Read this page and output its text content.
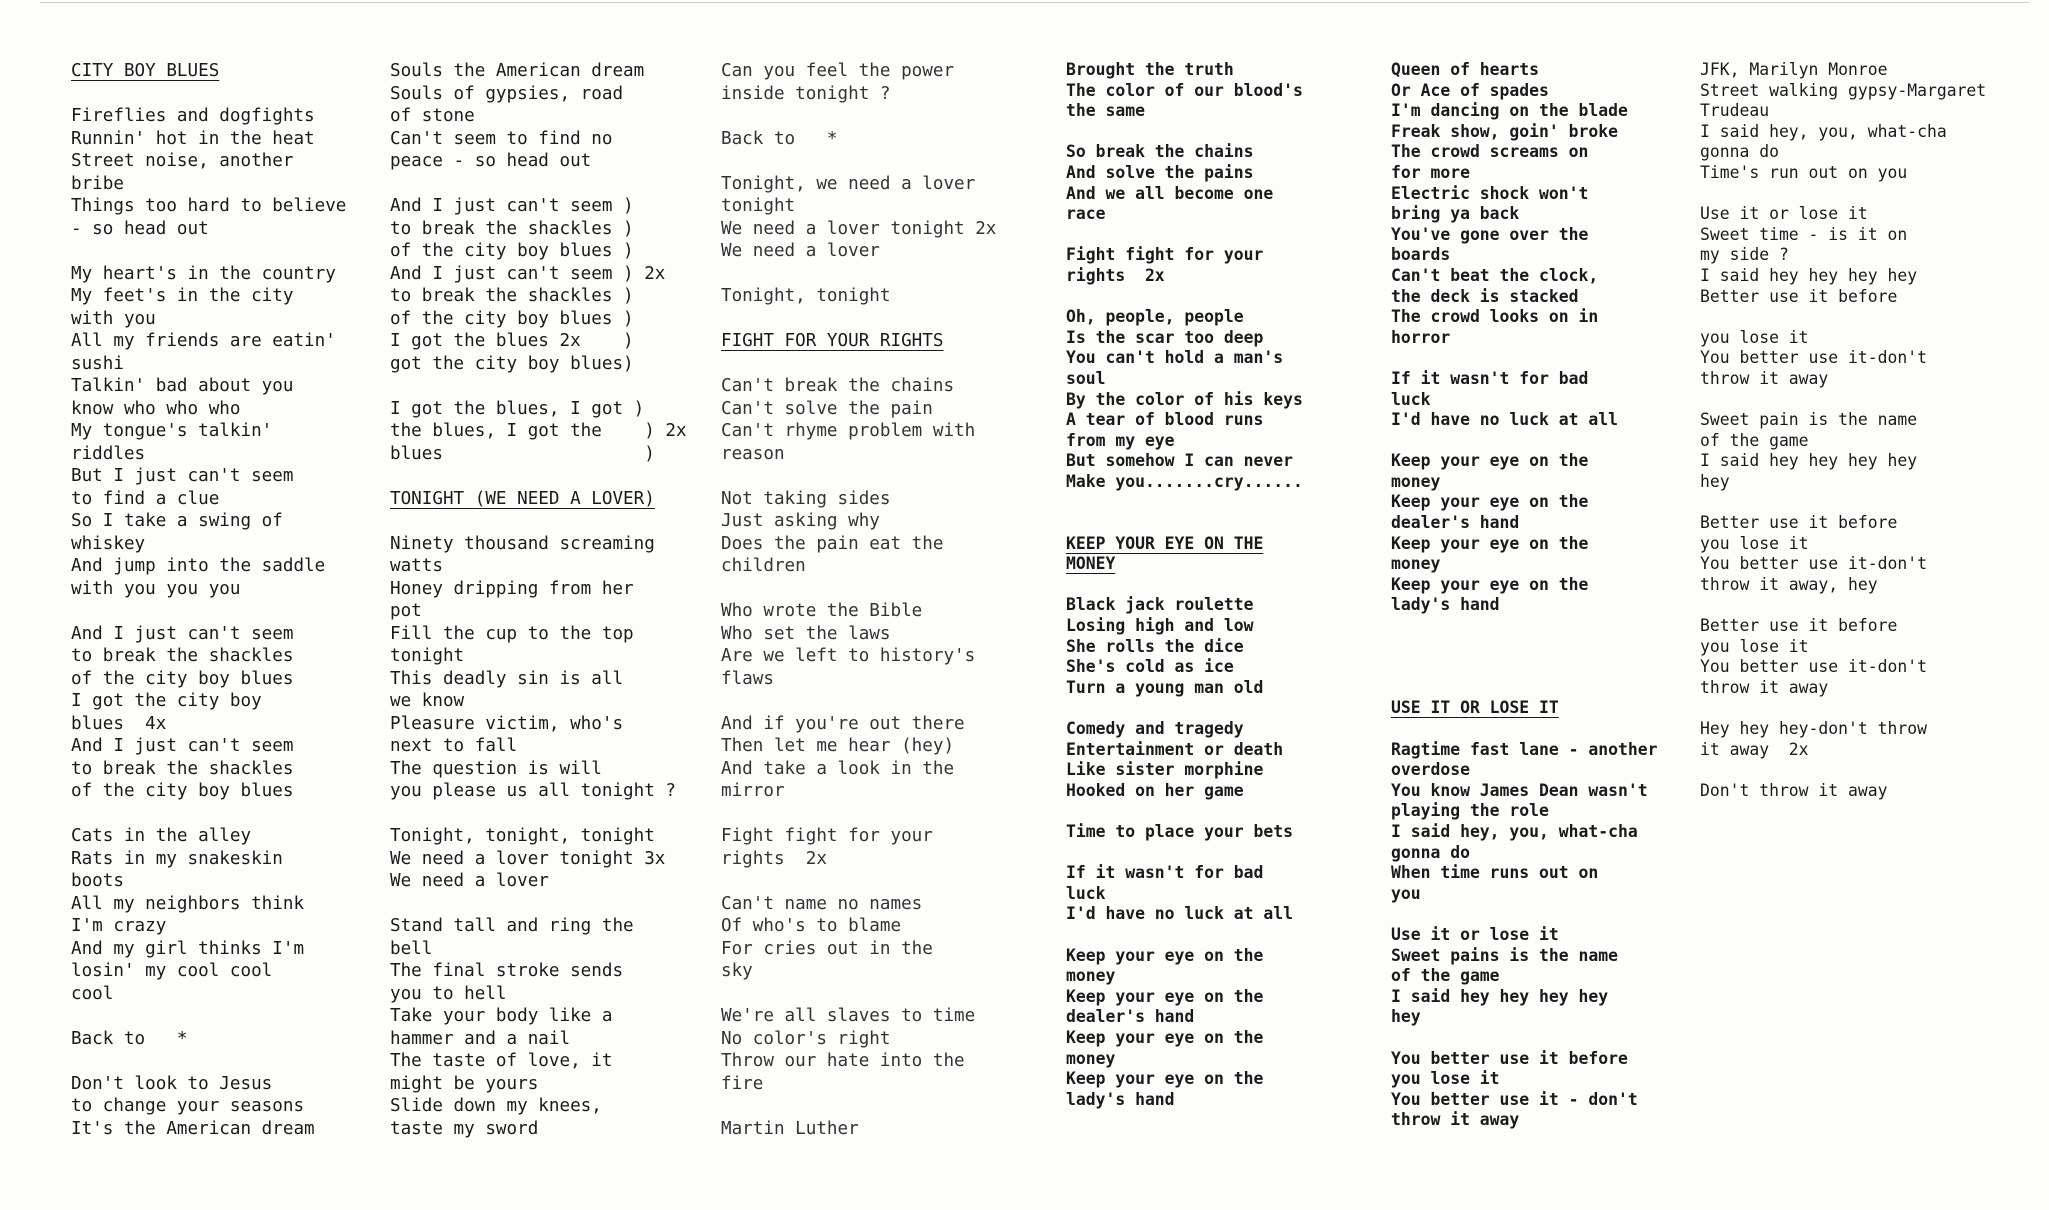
CITY BOY BLUES
Fireflies and dogfights
Runnin' hot in the heat
Street noise, another
bribe
Things too hard to believe
- so head out
My heart's in the country
My feet's in the city
with you
All my friends are eatin'
sushi
Talkin' bad about you
know who who who
My tongue's talkin'
riddles
But I just can't seem
to find a clue
So I take a swing of
whiskey
And jump into the saddle
with you you you
And I just can't seem
to break the shackles
of the city boy blues
I got the city boy
blues  4x
And I just can't seem
to break the shackles
of the city boy blues
Cats in the alley
Rats in my snakeskin
boots
All my neighbors think
I'm crazy
And my girl thinks I'm
losin' my cool cool
cool
Back to   *
Don't look to Jesus
to change your seasons
It's the American dream
Souls the American dream
Souls of gypsies, road
of stone
Can't seem to find no
peace - so head out
And I just can't seem )
to break the shackles )
of the city boy blues )
And I just can't seem ) 2x
to break the shackles )
of the city boy blues )
I got the blues 2x    )
got the city boy blues)
I got the blues, I got )
the blues, I got the    ) 2x
blues                   )
TONIGHT (WE NEED A LOVER)
Ninety thousand screaming
watts
Honey dripping from her
pot
Fill the cup to the top
tonight
This deadly sin is all
we know
Pleasure victim, who's
next to fall
The question is will
you please us all tonight ?
Tonight, tonight, tonight
We need a lover tonight 3x
We need a lover
Stand tall and ring the
bell
The final stroke sends
you to hell
Take your body like a
hammer and a nail
The taste of love, it
might be yours
Slide down my knees,
taste my sword
Can you feel the power
inside tonight ?
Back to   *
Tonight, we need a lover
tonight
We need a lover tonight 2x
We need a lover
Tonight, tonight
FIGHT FOR YOUR RIGHTS
Can't break the chains
Can't solve the pain
Can't rhyme problem with
reason
Not taking sides
Just asking why
Does the pain eat the
children
Who wrote the Bible
Who set the laws
Are we left to history's
flaws
And if you're out there
Then let me hear (hey)
And take a look in the
mirror
Fight fight for your
rights  2x
Can't name no names
Of who's to blame
For cries out in the
sky
We're all slaves to time
No color's right
Throw our hate into the
fire
Martin Luther
Brought the truth
The color of our blood's
the same
So break the chains
And solve the pains
And we all become one
race
Fight fight for your
rights  2x
Oh, people, people
Is the scar too deep
You can't hold a man's
soul
By the color of his keys
A tear of blood runs
from my eye
But somehow I can never
Make you.......cry......
KEEP YOUR EYE ON THE
MONEY
Black jack roulette
Losing high and low
She rolls the dice
She's cold as ice
Turn a young man old
Comedy and tragedy
Entertainment or death
Like sister morphine
Hooked on her game
Time to place your bets
If it wasn't for bad
luck
I'd have no luck at all
Keep your eye on the
money
Keep your eye on the
dealer's hand
Keep your eye on the
money
Keep your eye on the
lady's hand
Queen of hearts
Or Ace of spades
I'm dancing on the blade
Freak show, goin' broke
The crowd screams on
for more
Electric shock won't
bring ya back
You've gone over the
boards
Can't beat the clock,
the deck is stacked
The crowd looks on in
horror
If it wasn't for bad
luck
I'd have no luck at all
Keep your eye on the
money
Keep your eye on the
dealer's hand
Keep your eye on the
money
Keep your eye on the
lady's hand
USE IT OR LOSE IT
Ragtime fast lane - another
overdose
You know James Dean wasn't
playing the role
I said hey, you, what-cha
gonna do
When time runs out on
you
Use it or lose it
Sweet pains is the name
of the game
I said hey hey hey hey
hey
You better use it before
you lose it
You better use it - don't
throw it away
JFK, Marilyn Monroe
Street walking gypsy-Margaret
Trudeau
I said hey, you, what-cha
gonna do
Time's run out on you
Use it or lose it
Sweet time - is it on
my side ?
I said hey hey hey hey
Better use it before
you lose it
You better use it-don't
throw it away
Sweet pain is the name
of the game
I said hey hey hey hey
hey
Better use it before
you lose it
You better use it-don't
throw it away, hey
Better use it before
you lose it
You better use it-don't
throw it away
Hey hey hey-don't throw
it away  2x
Don't throw it away
